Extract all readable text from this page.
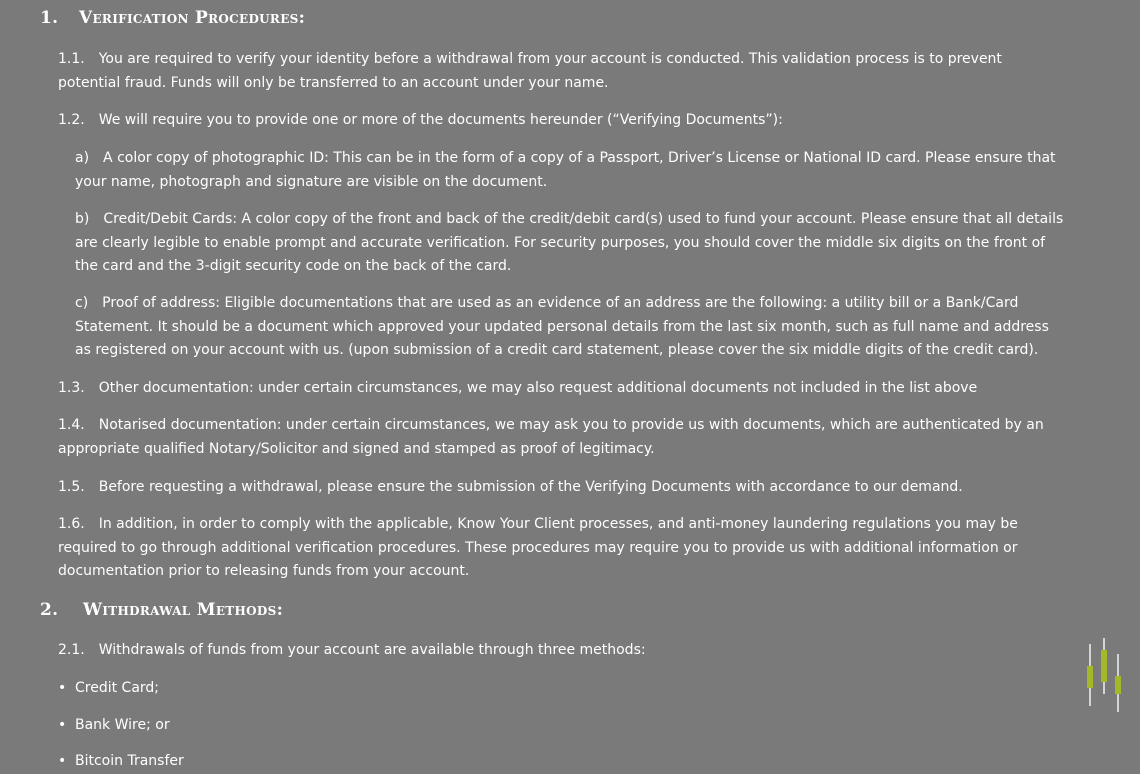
1. Verification Procedures:

1.1. You are required to verify your identity before a withdrawal from your account is conducted. This validation process is to prevent potential fraud. Funds will only be transferred to an account under your name.

1.2. We will require you to provide one or more of the documents hereunder (“Verifying Documents”):

a) A color copy of photographic ID: This can be in the form of a copy of a Passport, Driver’s License or National ID card. Please ensure that your name, photograph and signature are visible on the document.

b) Credit/Debit Cards: A color copy of the front and back of the credit/debit card(s) used to fund your account. Please ensure that all details are clearly legible to enable prompt and accurate verification. For security purposes, you should cover the middle six digits on the front of the card and the 3-digit security code on the back of the card.

c) Proof of address: Eligible documentations that are used as an evidence of an address are the following: a utility bill or a Bank/Card Statement. It should be a document which approved your updated personal details from the last six month, such as full name and address as registered on your account with us. (upon submission of a credit card statement, please cover the six middle digits of the credit card).

1.3. Other documentation: under certain circumstances, we may also request additional documents not included in the list above

1.4. Notarised documentation: under certain circumstances, we may ask you to provide us with documents, which are authenticated by an appropriate qualified Notary/Solicitor and signed and stamped as proof of legitimacy.

1.5. Before requesting a withdrawal, please ensure the submission of the Verifying Documents with accordance to our demand.

1.6. In addition, in order to comply with the applicable, Know Your Client processes, and anti-money laundering regulations you may be required to go through additional verification procedures. These procedures may require you to provide us with additional information or documentation prior to releasing funds from your account.

2. Withdrawal Methods:

2.1. Withdrawals of funds from your account are available through three methods:

• Credit Card;
• Bank Wire; or
• Bitcoin Transfer
